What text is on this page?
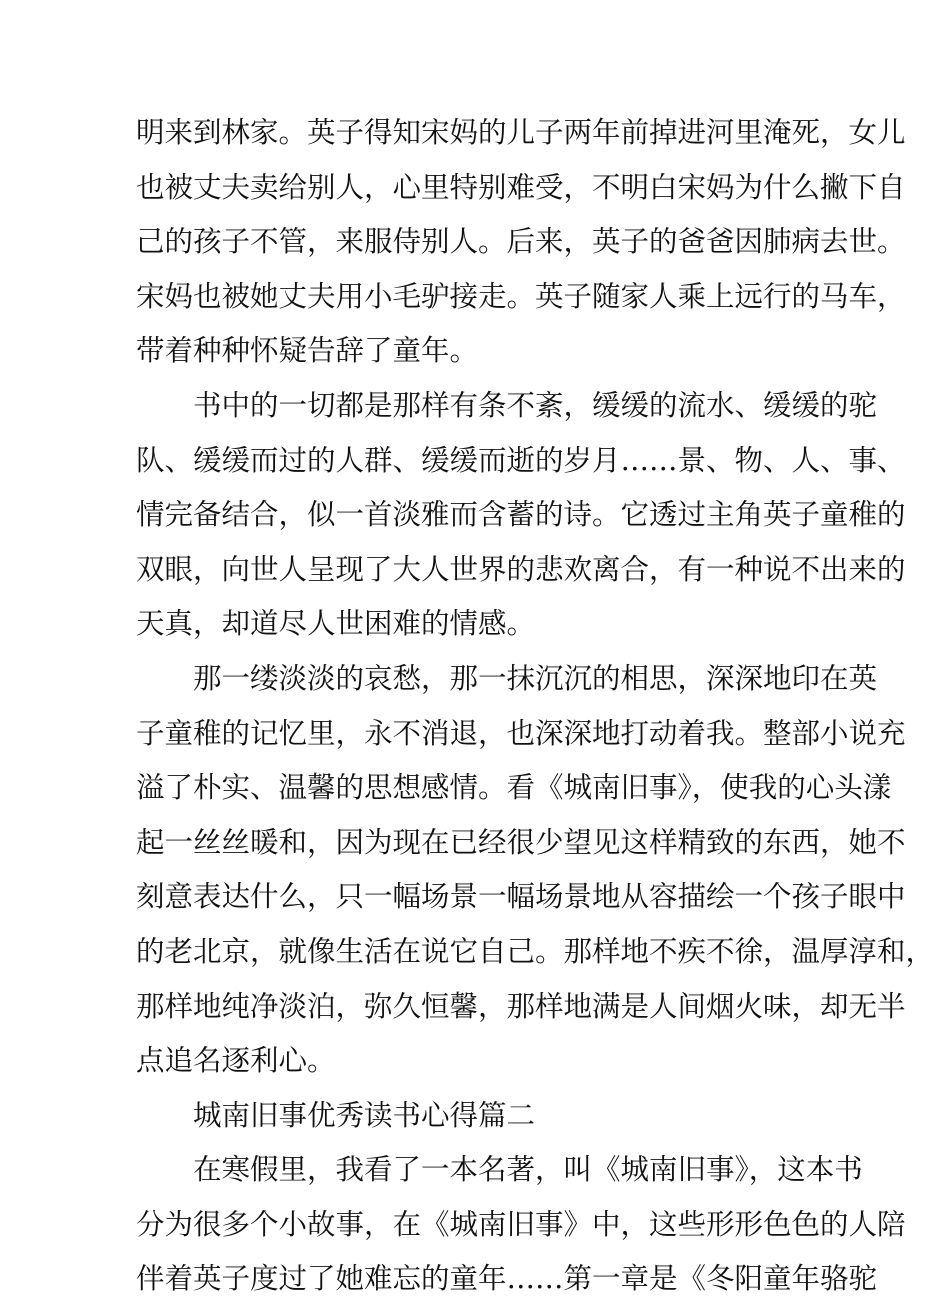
明来到林家。英子得知宋妈的儿子两年前掉进河里淹死，女儿
也被丈夫卖给别人，心里特别难受，不明白宋妈为什么撇下自
己的孩子不管，来服侍别人。后来，英子的爸爸因肺病去世。
宋妈也被她丈夫用小毛驴接走。英子随家人乘上远行的马车，
带着种种怀疑告辞了童年。
书中的一切都是那样有条不紊，缓缓的流水、缓缓的驼
队、缓缓而过的人群、缓缓而逝的岁月……景、物、人、事、
情完备结合，似一首淡雅而含蓄的诗。它透过主角英子童稚的
双眼，向世人呈现了大人世界的悲欢离合，有一种说不出来的
天真，却道尽人世困难的情感。
那一缕淡淡的哀愁，那一抹沉沉的相思，深深地印在英
子童稚的记忆里，永不消退，也深深地打动着我。整部小说充
溢了朴实、温馨的思想感情。看《城南旧事》，使我的心头漾
起一丝丝暖和，因为现在已经很少望见这样精致的东西，她不
刻意表达什么，只一幅场景一幅场景地从容描绘一个孩子眼中
的老北京，就像生活在说它自己。那样地不疾不徐，温厚淳和，
那样地纯净淡泊，弥久恒馨，那样地满是人间烟火味，却无半
点追名逐利心。
城南旧事优秀读书心得篇二
在寒假里，我看了一本名著，叫《城南旧事》，这本书
分为很多个小故事，在《城南旧事》中，这些形形色色的人陪
伴着英子度过了她难忘的童年……第一章是《冬阳童年骆驼
